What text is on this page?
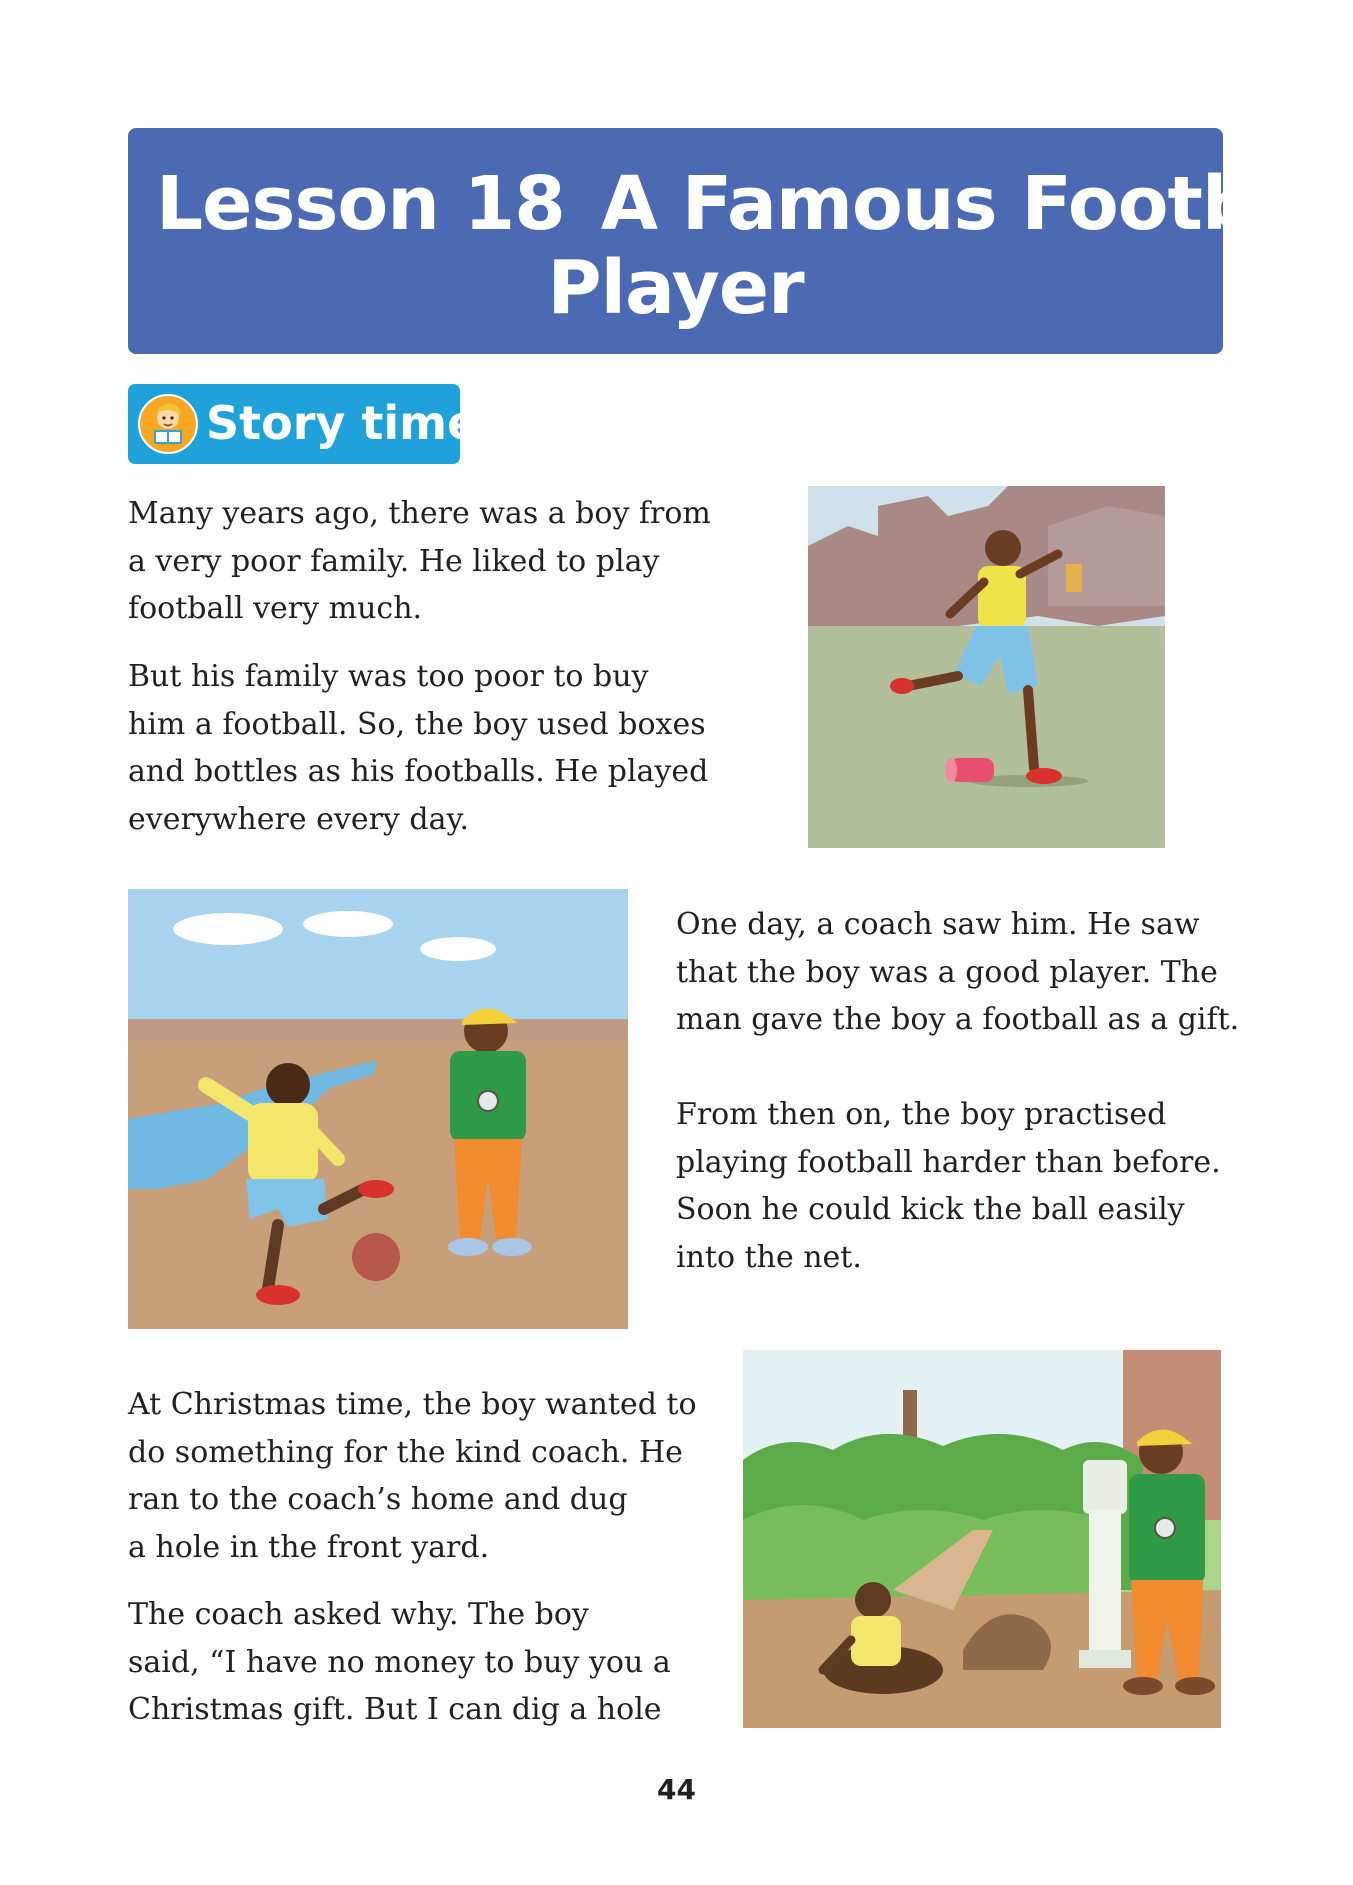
Lesson 18 A Famous Football
Player
Story time

Many years ago, there was a boy from
a very poor family. He liked to play
football very much.

But his family was too poor to buy
him a football. So, the boy used boxes
and bottles as his footballs. He played
everywhere every day.

One day, a coach saw him. He saw
that the boy was a good player. The
man gave the boy a football as a gift.

From then on, the boy practised
playing football harder than before.
Soon he could kick the ball easily
into the net.

At Christmas time, the boy wanted to
do something for the kind coach. He
ran to the coach’s home and dug
a hole in the front yard.

The coach asked why. The boy
said, “I have no money to buy you a
Christmas gift. But I can dig a hole

44
